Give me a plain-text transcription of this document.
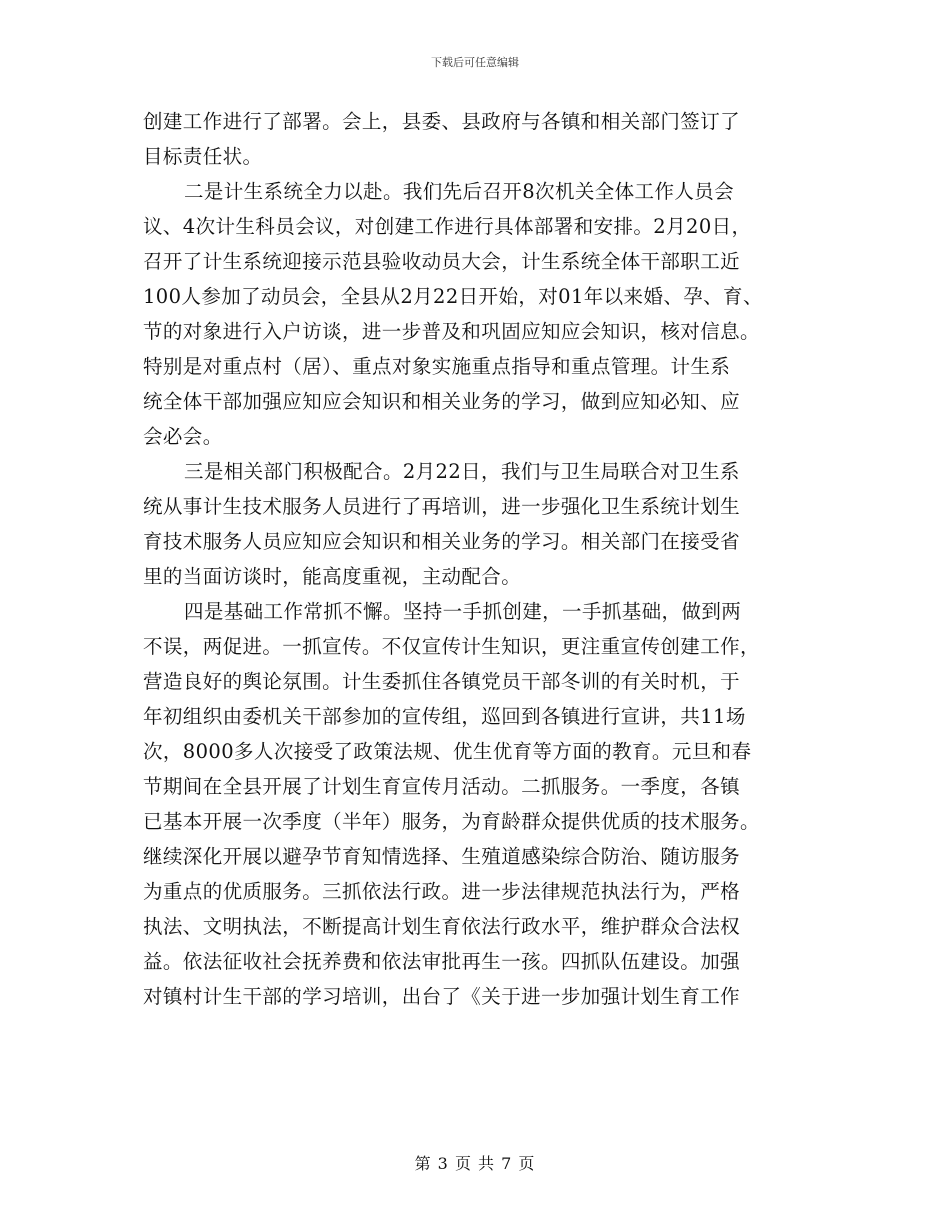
下载后可任意编辑
创建工作进行了部署。会上，县委、县政府与各镇和相关部门签订了
目标责任状。
二是计生系统全力以赴。我们先后召开8次机关全体工作人员会
议、4次计生科员会议，对创建工作进行具体部署和安排。2月20日，
召开了计生系统迎接示范县验收动员大会，计生系统全体干部职工近
100人参加了动员会，全县从2月22日开始，对01年以来婚、孕、育、
节的对象进行入户访谈，进一步普及和巩固应知应会知识，核对信息。
特别是对重点村（居）、重点对象实施重点指导和重点管理。计生系
统全体干部加强应知应会知识和相关业务的学习，做到应知必知、应
会必会。
三是相关部门积极配合。2月22日，我们与卫生局联合对卫生系
统从事计生技术服务人员进行了再培训，进一步强化卫生系统计划生
育技术服务人员应知应会知识和相关业务的学习。相关部门在接受省
里的当面访谈时，能高度重视，主动配合。
四是基础工作常抓不懈。坚持一手抓创建，一手抓基础，做到两
不误，两促进。一抓宣传。不仅宣传计生知识，更注重宣传创建工作，
营造良好的舆论氛围。计生委抓住各镇党员干部冬训的有关时机，于
年初组织由委机关干部参加的宣传组，巡回到各镇进行宣讲，共11场
次，8000多人次接受了政策法规、优生优育等方面的教育。元旦和春
节期间在全县开展了计划生育宣传月活动。二抓服务。一季度，各镇
已基本开展一次季度（半年）服务，为育龄群众提供优质的技术服务。
继续深化开展以避孕节育知情选择、生殖道感染综合防治、随访服务
为重点的优质服务。三抓依法行政。进一步法律规范执法行为，严格
执法、文明执法，不断提高计划生育依法行政水平，维护群众合法权
益。依法征收社会抚养费和依法审批再生一孩。四抓队伍建设。加强
对镇村计生干部的学习培训，出台了《关于进一步加强计划生育工作
第 3 页 共 7 页
